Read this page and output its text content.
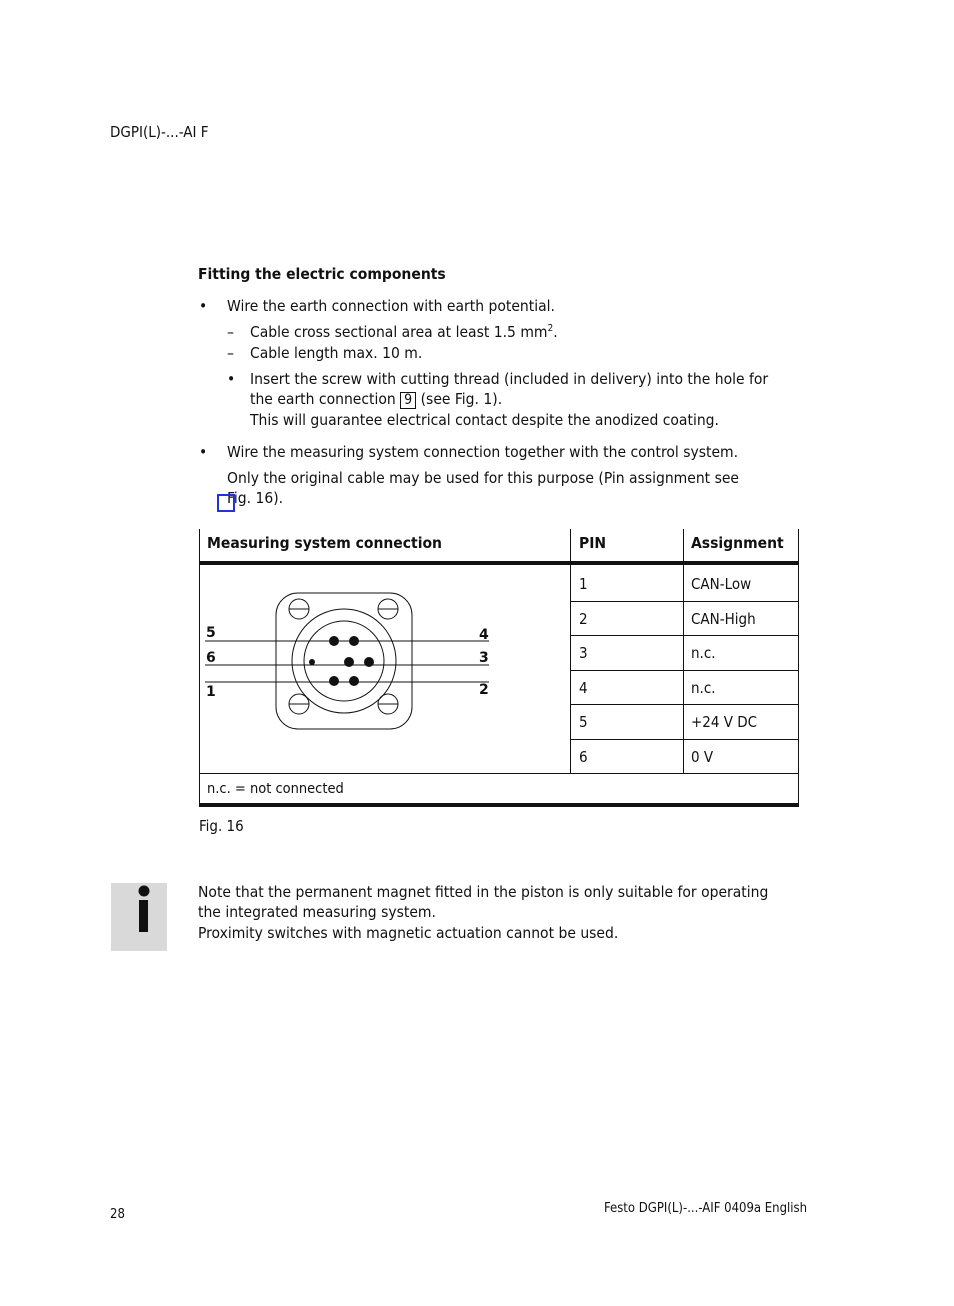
DGPI(L)-...-AI F
Fitting the electric components
• Wire the earth connection with earth potential.
– Cable cross sectional area at least 1.5 $mm^2$.
– Cable length max. 10 m.
• Insert the screw with cutting thread (included in delivery) into the hole for
the earth connection 9 (see Fig. 1).
This will guarantee electrical contact despite the anodized coating.
• Wire the measuring system connection together with the control system.
Only the original cable may be used for this purpose (Pin assignment see
Fig. 16).
Measuring system connection	PIN	Assignment
1	CAN-Low
2	CAN-High
3	n.c.
4	n.c.
5	+24 V DC
6	0 V
n.c. = not connected
5
6
1
4
3
2
Fig. 16
Note that the permanent magnet fitted in the piston is only suitable for operating
the integrated measuring system.
Proximity switches with magnetic actuation cannot be used.
28	Festo DGPI(L)-...-AIF 0409a English
